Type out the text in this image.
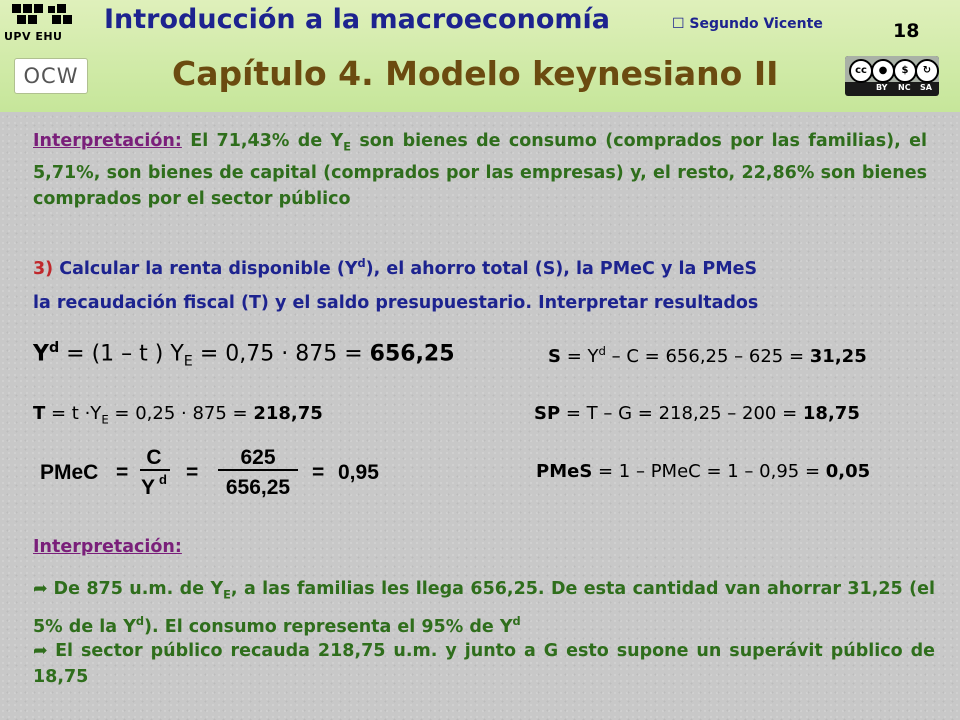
UPV EHU
Introducción a la macroeconomía	☐ Segundo Vicente	18
OCW	Capítulo 4. Modelo keynesiano II	cc	●	$	↻
BY NC SA
Interpretación: El 71,43% de $Y_E$ son bienes de consumo (comprados por las familias), el 5,71%, son bienes de capital (comprados por las empresas) y, el resto, 22,86% son bienes comprados por el sector público
3) Calcular la renta disponible $(Y^d)$, el ahorro total (S), la PMeC y la PMeS
la recaudación fiscal (T) y el saldo presupuestario. Interpretar resultados
$Y^d = (1 - t$ ) $Y_E = 0,75 \cdot 875 = 656,25$	$S = Y^d - C = 656,25 - 625 = 31,25$
$T = t \cdot Y_E = 0,25 \cdot 875 = 218,75$	SP = T – G = 218,25 – 200 = 18,75
PMeC =
C
Y d =
625
656,25
= 0,95	PMeS = 1 – PMeC = 1 – 0,95 = 0,05
Interpretación:
➦ De 875 u.m. de $Y_E$, a las familias les llega 656,25. De esta cantidad van ahorrar 31,25 (el 5% de la $Y^d$). El consumo representa el 95% de $Y^d$
➦ El sector público recauda 218,75 u.m. y junto a G esto supone un superávit público de 18,75
